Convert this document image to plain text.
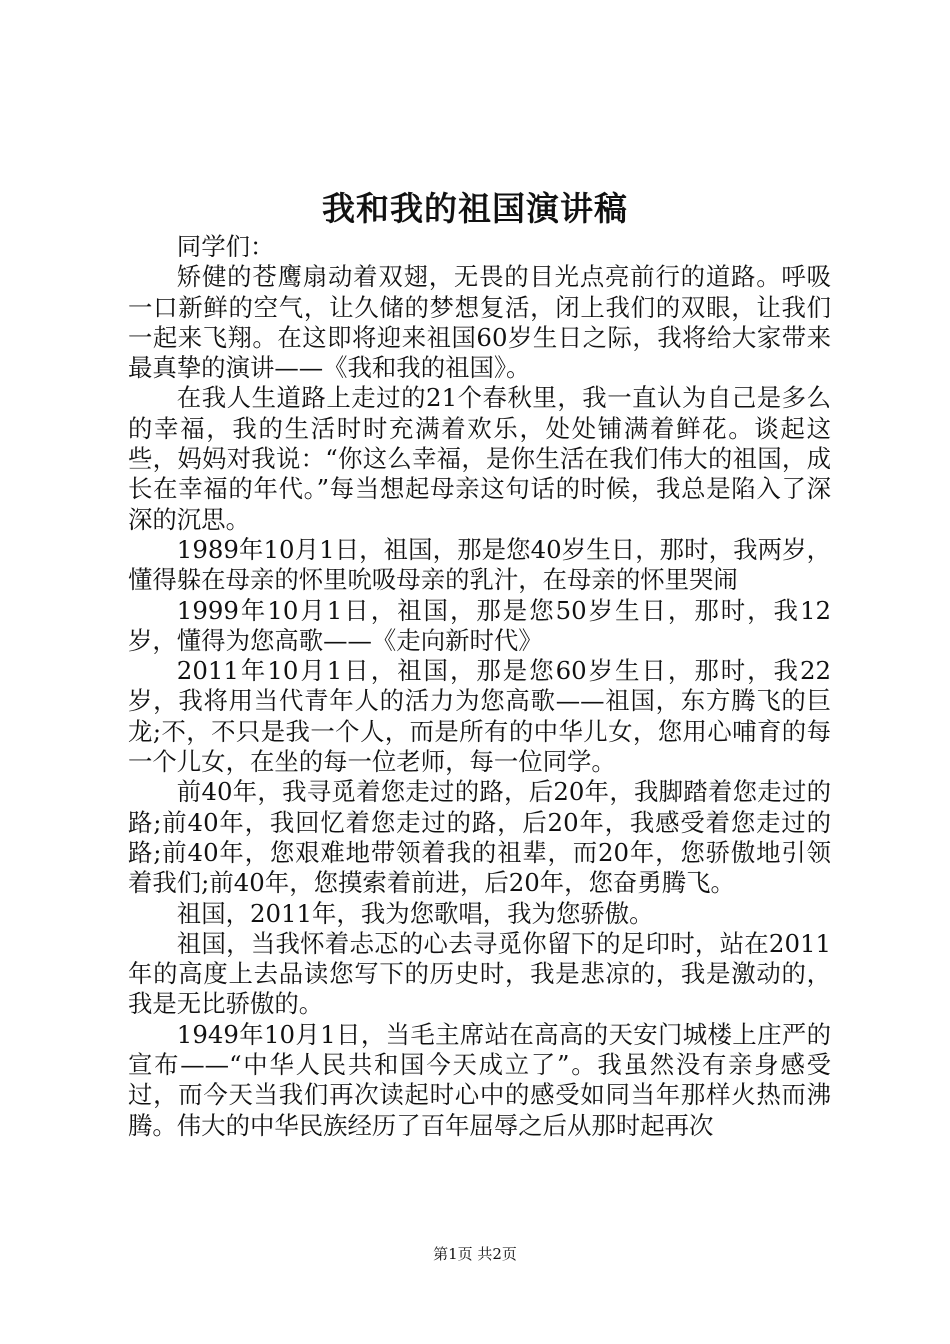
我和我的祖国演讲稿

同学们：

矫健的苍鹰扇动着双翅，无畏的目光点亮前行的道路。呼吸一口新鲜的空气，让久储的梦想复活，闭上我们的双眼，让我们一起来飞翔。在这即将迎来祖国60岁生日之际，我将给大家带来最真挚的演讲——《我和我的祖国》。

在我人生道路上走过的21个春秋里，我一直认为自己是多么的幸福，我的生活时时充满着欢乐，处处铺满着鲜花。谈起这些，妈妈对我说：“你这么幸福，是你生活在我们伟大的祖国，成长在幸福的年代。”每当想起母亲这句话的时候，我总是陷入了深深的沉思。

1989年10月1日，祖国，那是您40岁生日，那时，我两岁，懂得躲在母亲的怀里吮吸母亲的乳汁，在母亲的怀里哭闹

1999年10月1日，祖国，那是您50岁生日，那时，我12岁，懂得为您高歌——《走向新时代》

2011年10月1日，祖国，那是您60岁生日，那时，我22岁，我将用当代青年人的活力为您高歌——祖国，东方腾飞的巨龙;不，不只是我一个人，而是所有的中华儿女，您用心哺育的每一个儿女，在坐的每一位老师，每一位同学。

前40年，我寻觅着您走过的路，后20年，我脚踏着您走过的路;前40年，我回忆着您走过的路，后20年，我感受着您走过的路;前40年，您艰难地带领着我的祖辈，而20年，您骄傲地引领着我们;前40年，您摸索着前进，后20年，您奋勇腾飞。

祖国，2011年，我为您歌唱，我为您骄傲。

祖国，当我怀着忐忑的心去寻觅你留下的足印时，站在2011年的高度上去品读您写下的历史时，我是悲凉的，我是激动的，我是无比骄傲的。

1949年10月1日，当毛主席站在高高的天安门城楼上庄严的宣布——“中华人民共和国今天成立了”。我虽然没有亲身感受过，而今天当我们再次读起时心中的感受如同当年那样火热而沸腾。伟大的中华民族经历了百年屈辱之后从那时起再次

第1页 共2页
